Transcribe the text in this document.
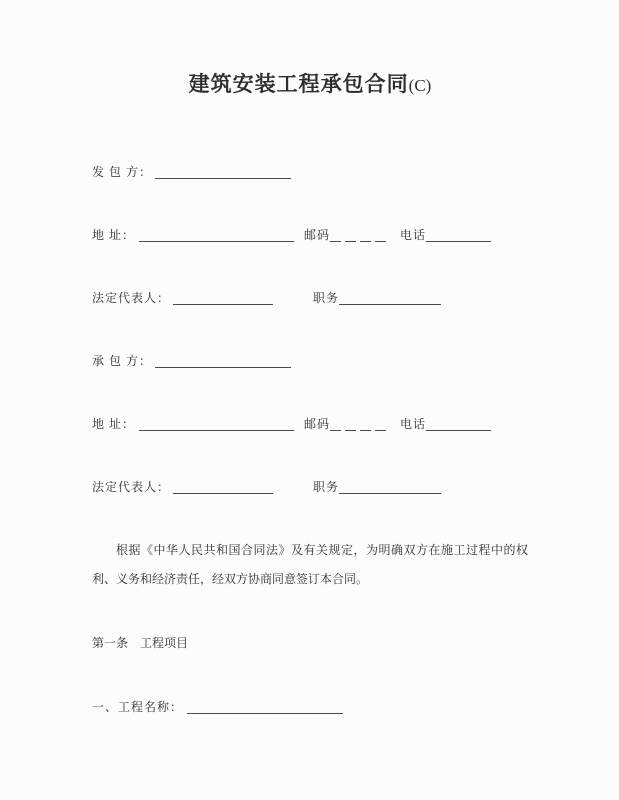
建筑安装工程承包合同(C)
发 包 方：
地 址：	邮码	电话
法定代表人：	职务
承 包 方：
地 址：	邮码	电话
法定代表人：	职务

根据《中华人民共和国合同法》及有关规定，为明确双方在施工过程中的权利、义务和经济责任，经双方协商同意签订本合同。

第一条　工程项目
一、工程名称：
